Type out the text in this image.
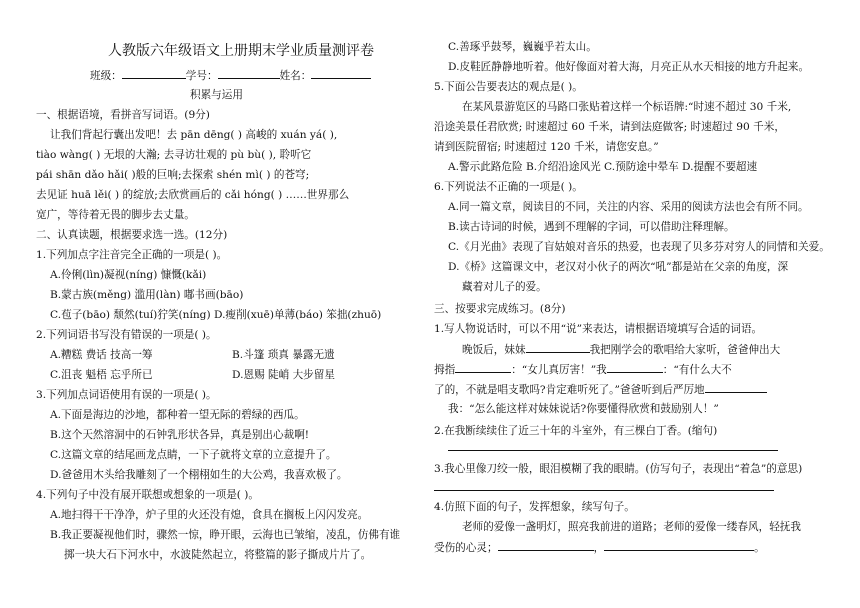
人教版六年级语文上册期末学业质量测评卷
班级：	学号：	姓名：
积累与运用
一、根据语境，看拼音写词语。(9分)
让我们背起行囊出发吧！去 pān dēng( ) 高峻的 xuán yá( ),
tiào wàng( ) 无垠的大瀚; 去寻访壮观的 pù bù( ), 聆听它
pái shān dǎo hǎi( )般的巨响;去探索 shén mì( ) 的苍穹;
去见证 huā lěi( ) 的绽放;去欣赏画后的 cǎi hóng( ) ……世界那么
宽广，等待着无畏的脚步去丈量。
二、认真读题，根据要求选一选。(12分)
1.下列加点字注音完全正确的一项是( )。
A.伶俐(lìn)凝视(níng) 慷慨(kǎi)
B.蒙古族(měng) 滥用(làn) 嘟书画(bāo)
C.苞子(bāo) 颓然(tuí)狞笑(níng) D.瘦削(xuē)单薄(báo) 笨拙(zhuō)
2.下列词语书写没有错误的一项是( )。
A.糟糕 费话 技高一筹	B.斗篷 琐真 暴露无遗
C.沮丧 魁梧 忘乎所已	D.恩赐 陡峭 大步留星
3.下列加点词语使用有误的一项是( )。
A.下面是海边的沙地，都种着一望无际的碧绿的西瓜。
B.这个天然溶洞中的石钟乳形状各异，真是别出心裁啊!
C.这篇文章的结尾画龙点睛，一下子就将文章的立意提升了。
D.爸爸用木头给我雕刻了一个栩栩如生的大公鸡，我喜欢极了。
4.下列句子中没有展开联想或想象的一项是( )。
A.地扫得干干净净，炉子里的火还没有熄，食具在搁板上闪闪发亮。
B.我正要凝视他们时，骤然一惊，睁开眼，云海也已皱缩，凌乱，仿佛有谁
掷一块大石下河水中，水波陡然起立，将整篇的影子撕成片片了。
C.善琢乎鼓琴，巍巍乎若太山。
D.皮鞋匠静静地听着。他好像面对着大海，月亮正从水天相接的地方升起来。
5.下面公告要表达的观点是( )。
在某风景游览区的马路口张贴着这样一个标语牌:“时速不超过 30 千米,
沿途美景任君欣赏; 时速超过 60 千米，请到法庭做客; 时速超过 90 千米，
请到医院留宿; 时速超过 120 千米，请您安息。”
A.警示此路危险 B.介绍沿途风光 C.预防途中晕车 D.提醒不要超速
6.下列说法不正确的一项是( )。
A.同一篇文章，阅读目的不同，关注的内容、采用的阅读方法也会有所不同。
B.读古诗词的时候，遇到不理解的字词，可以借助注释理解。
C.《月光曲》表现了盲姑娘对音乐的热爱，也表现了贝多芬对穷人的同情和关爱。
D.《桥》这篇课文中，老汉对小伙子的两次“吼”都是站在父亲的角度，深
藏着对儿子的爱。
三、按要求完成练习。(8分)
1.写人物说话时，可以不用“说”来表达，请根据语境填写合适的词语。
晚饭后，妹妹	我把刚学会的歌唱给大家听，爸爸伸出大
拇指	：“女儿真厉害！”我	：“有什么大不
了的，不就是唱支歌吗?肯定难听死了。”爸爸听到后严厉地
我：“怎么能这样对妹妹说话?你要懂得欣赏和鼓励别人！”
2.在我断续续住了近三十年的斗室外，有三棵白丁香。(缩句)
3.我心里像刀绞一般，眼泪模糊了我的眼睛。(仿写句子，表现出“着急”的意思)
4.仿照下面的句子，发挥想象，续写句子。
老师的爱像一盏明灯，照亮我前进的道路；老师的爱像一缕春风，轻抚我
受伤的心灵；	，	。
